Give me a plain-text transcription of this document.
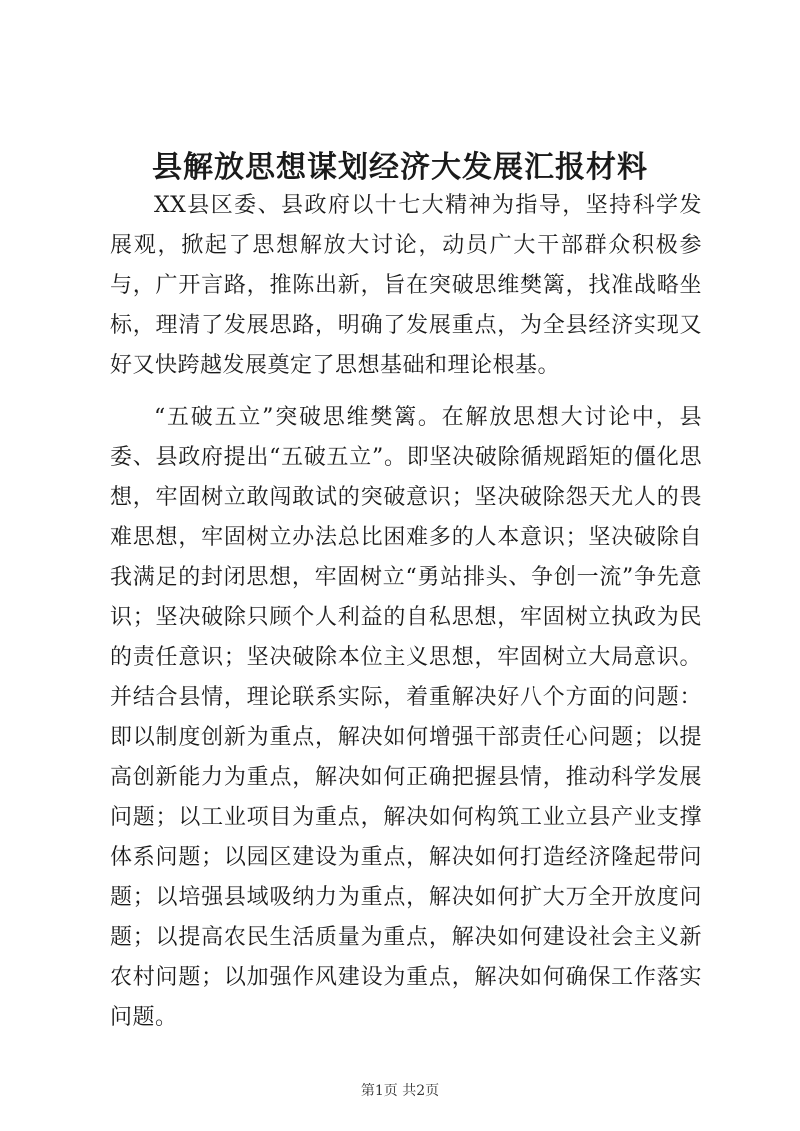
县解放思想谋划经济大发展汇报材料

XX县区委、县政府以十七大精神为指导，坚持科学发展观，掀起了思想解放大讨论，动员广大干部群众积极参与，广开言路，推陈出新，旨在突破思维樊篱，找准战略坐标，理清了发展思路，明确了发展重点，为全县经济实现又好又快跨越发展奠定了思想基础和理论根基。

“五破五立”突破思维樊篱。在解放思想大讨论中，县委、县政府提出“五破五立”。即坚决破除循规蹈矩的僵化思想，牢固树立敢闯敢试的突破意识；坚决破除怨天尤人的畏难思想，牢固树立办法总比困难多的人本意识；坚决破除自我满足的封闭思想，牢固树立“勇站排头、争创一流”争先意识；坚决破除只顾个人利益的自私思想，牢固树立执政为民的责任意识；坚决破除本位主义思想，牢固树立大局意识。并结合县情，理论联系实际，着重解决好八个方面的问题：即以制度创新为重点，解决如何增强干部责任心问题；以提高创新能力为重点，解决如何正确把握县情，推动科学发展问题；以工业项目为重点，解决如何构筑工业立县产业支撑体系问题；以园区建设为重点，解决如何打造经济隆起带问题；以培强县域吸纳力为重点，解决如何扩大万全开放度问题；以提高农民生活质量为重点，解决如何建设社会主义新农村问题；以加强作风建设为重点，解决如何确保工作落实问题。

第1页 共2页
